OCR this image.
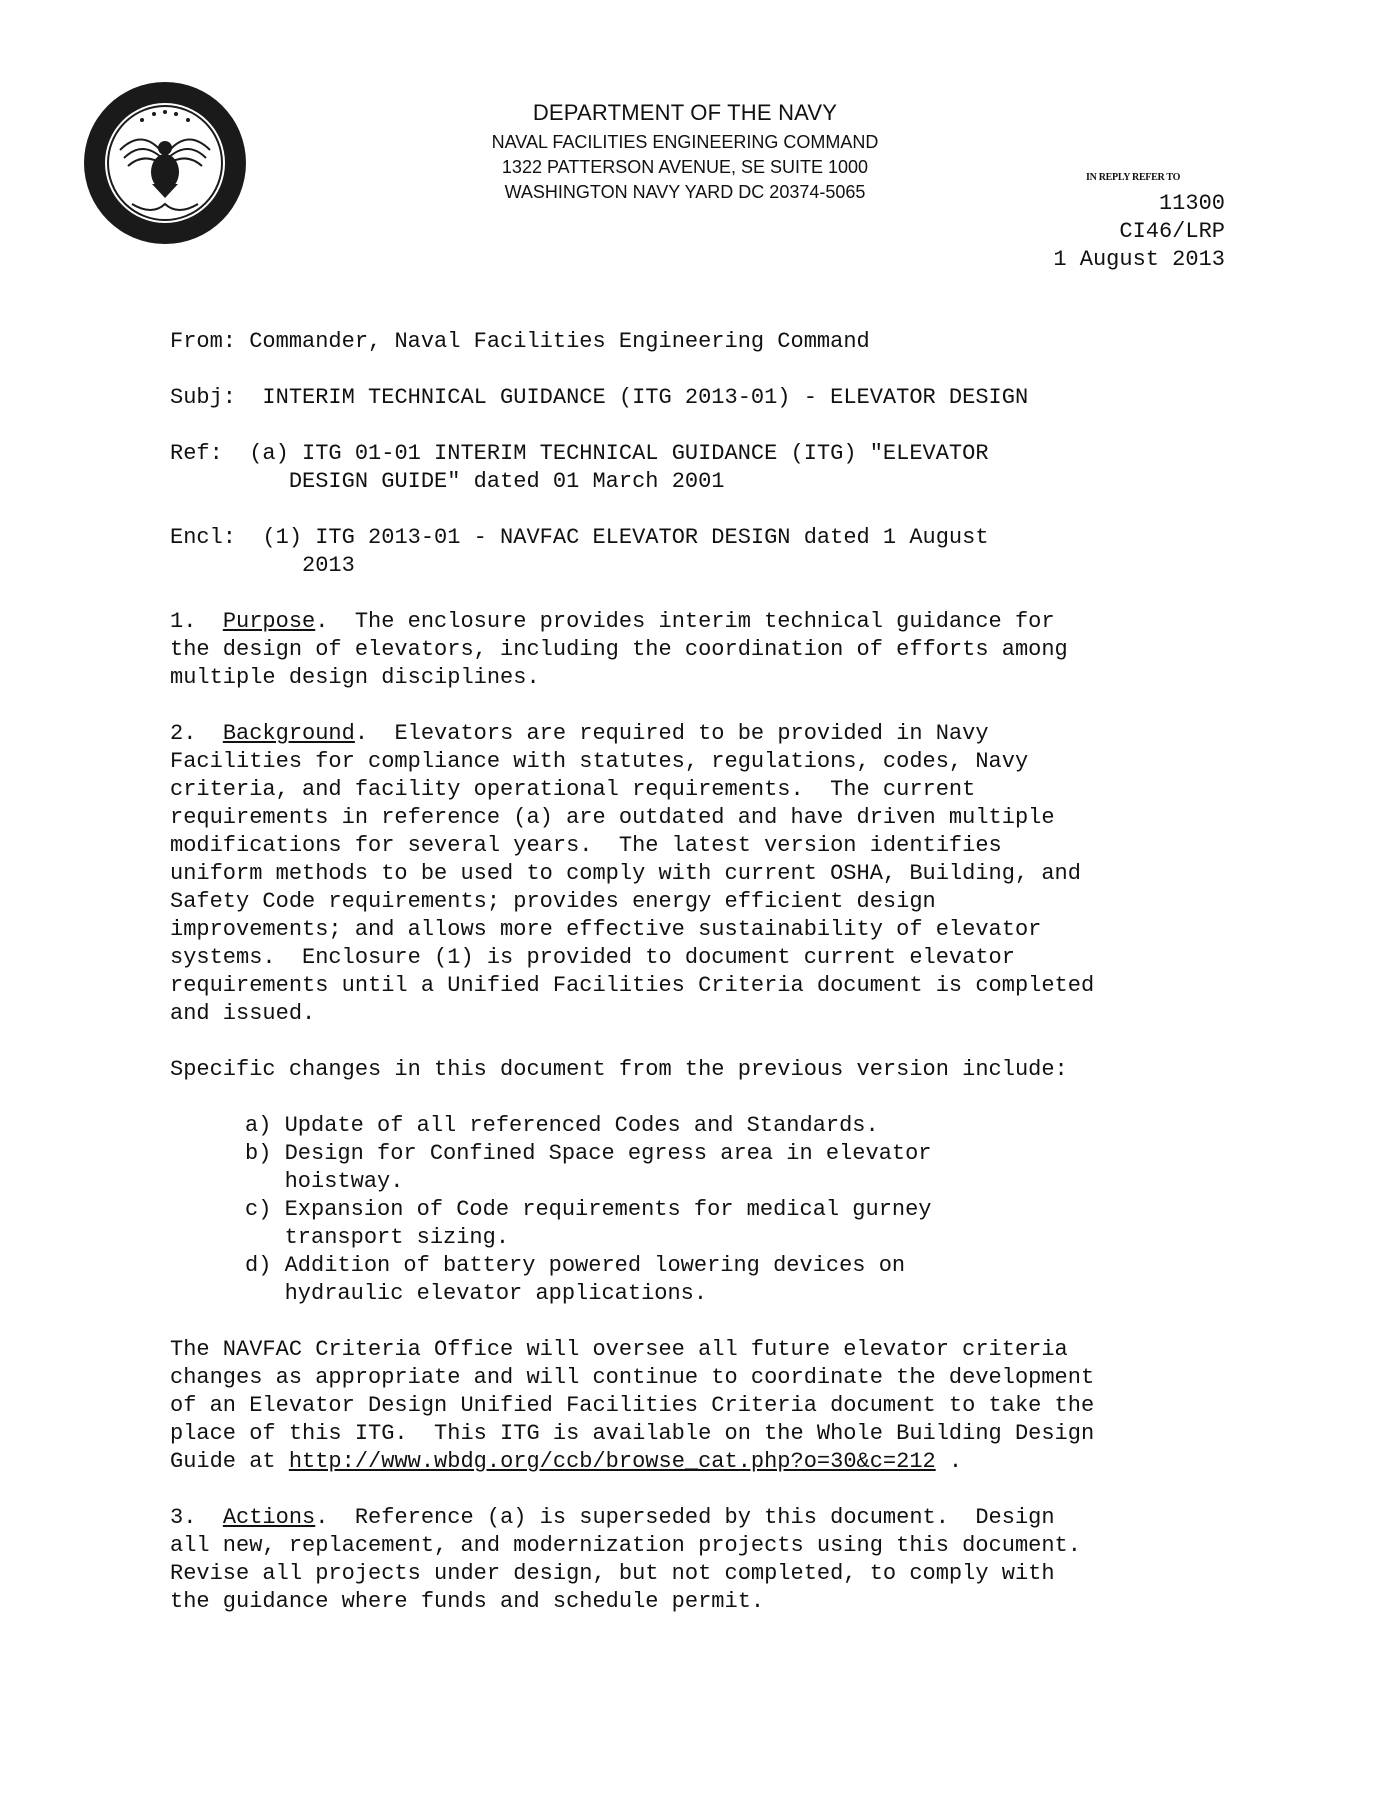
DEPARTMENT OF THE NAVY
NAVAL FACILITIES ENGINEERING COMMAND
1322 PATTERSON AVENUE, SE SUITE 1000
WASHINGTON NAVY YARD DC 20374-5065
IN REPLY REFER TO
11300
CI46/LRP
1 August 2013

From: Commander, Naval Facilities Engineering Command

Subj: INTERIM TECHNICAL GUIDANCE (ITG 2013-01) - ELEVATOR DESIGN

Ref: (a) ITG 01-01 INTERIM TECHNICAL GUIDANCE (ITG) "ELEVATOR

DESIGN GUIDE" dated 01 March 2001

Encl: (1) ITG 2013-01 - NAVFAC ELEVATOR DESIGN dated 1 August

2013

1. Purpose.  The enclosure provides interim technical guidance for

the design of elevators, including the coordination of efforts among

multiple design disciplines.

2. Background.  Elevators are required to be provided in Navy

Facilities for compliance with statutes, regulations, codes, Navy

criteria, and facility operational requirements.  The current

requirements in reference (a) are outdated and have driven multiple

modifications for several years.  The latest version identifies

uniform methods to be used to comply with current OSHA, Building, and

Safety Code requirements; provides energy efficient design

improvements; and allows more effective sustainability of elevator

systems.  Enclosure (1) is provided to document current elevator

requirements until a Unified Facilities Criteria document is completed

and issued.

Specific changes in this document from the previous version include:

a) Update of all referenced Codes and Standards.

b) Design for Confined Space egress area in elevator

hoistway.

c) Expansion of Code requirements for medical gurney

transport sizing.

d) Addition of battery powered lowering devices on

hydraulic elevator applications.

The NAVFAC Criteria Office will oversee all future elevator criteria

changes as appropriate and will continue to coordinate the development

of an Elevator Design Unified Facilities Criteria document to take the

place of this ITG.  This ITG is available on the Whole Building Design

Guide at http://www.wbdg.org/ccb/browse_cat.php?o=30&c=212 .

3. Actions.  Reference (a) is superseded by this document.  Design

all new, replacement, and modernization projects using this document.

Revise all projects under design, but not completed, to comply with

the guidance where funds and schedule permit.
